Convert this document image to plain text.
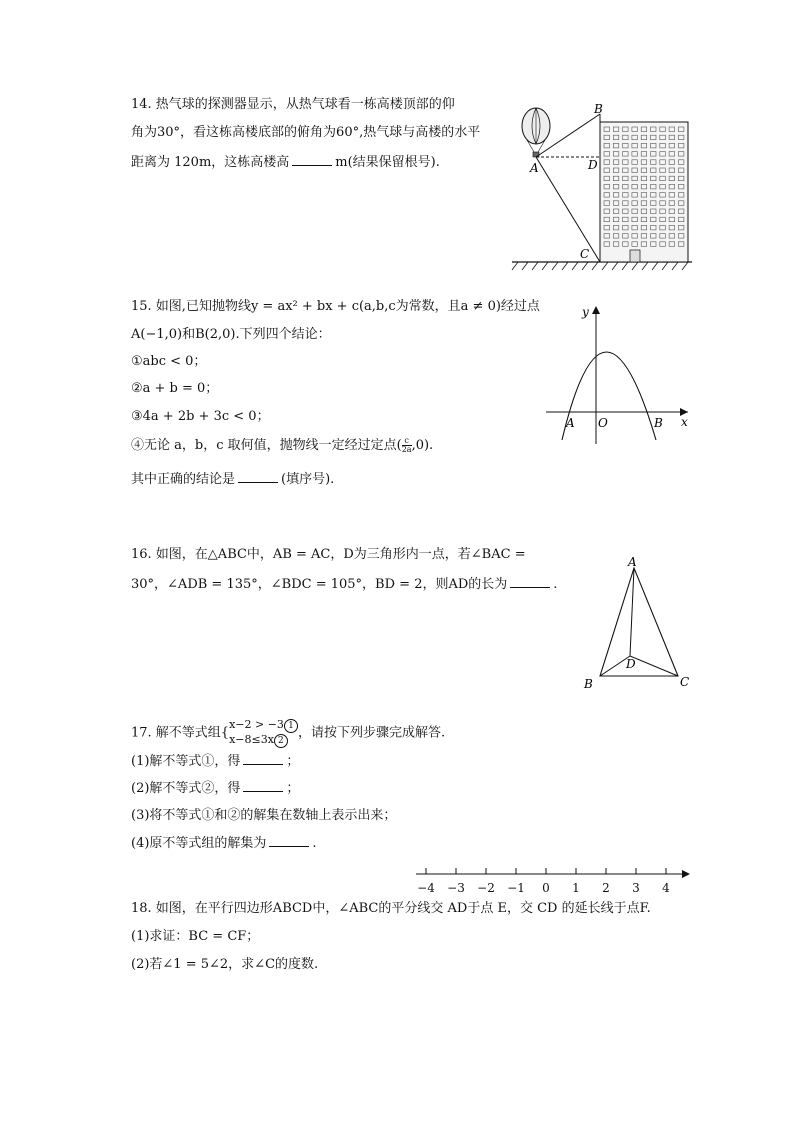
14. 热气球的探测器显示，从热气球看一栋高楼顶部的仰
角为30°，看这栋高楼底部的俯角为60°,热气球与高楼的水平
距离为 120m，这栋高楼高	m(结果保留根号).
B
D
A
C
15. 如图,已知抛物线y = ax² + bx + c(a,b,c为常数，且a ≠ 0)经过点
A(−1,0)和B(2,0).下列四个结论：
①abc < 0；
②a + b = 0；
③4a + 2b + 3c < 0；
④无论 a，b，c 取何值，抛物线一定经过定点( $\frac{c}{2a} ,0$).
其中正确的结论是	(填序号).
y
x
A O	B
16. 如图，在△ABC中，AB = AC，D为三角形内一点，若∠BAC =
30°，∠ADB = 135°，∠BDC = 105°，BD = 2，则AD的长为	.
A
B	C
D
17. 解不等式组{
x−2 > −3 1
x−8≤3x 2
，请按下列步骤完成解答.
(1)解不等式①，得	；
(2)解不等式②，得	；
(3)将不等式①和②的解集在数轴上表示出来；
(4)原不等式组的解集为	.
−4 −3 −2 −1 0 1 2 3 4
18. 如图，在平行四边形ABCD中，∠ABC的平分线交 AD于点 E，交 CD 的延长线于点F.
(1)求证：BC = CF；
(2)若∠1 = 5∠2，求∠C的度数.
